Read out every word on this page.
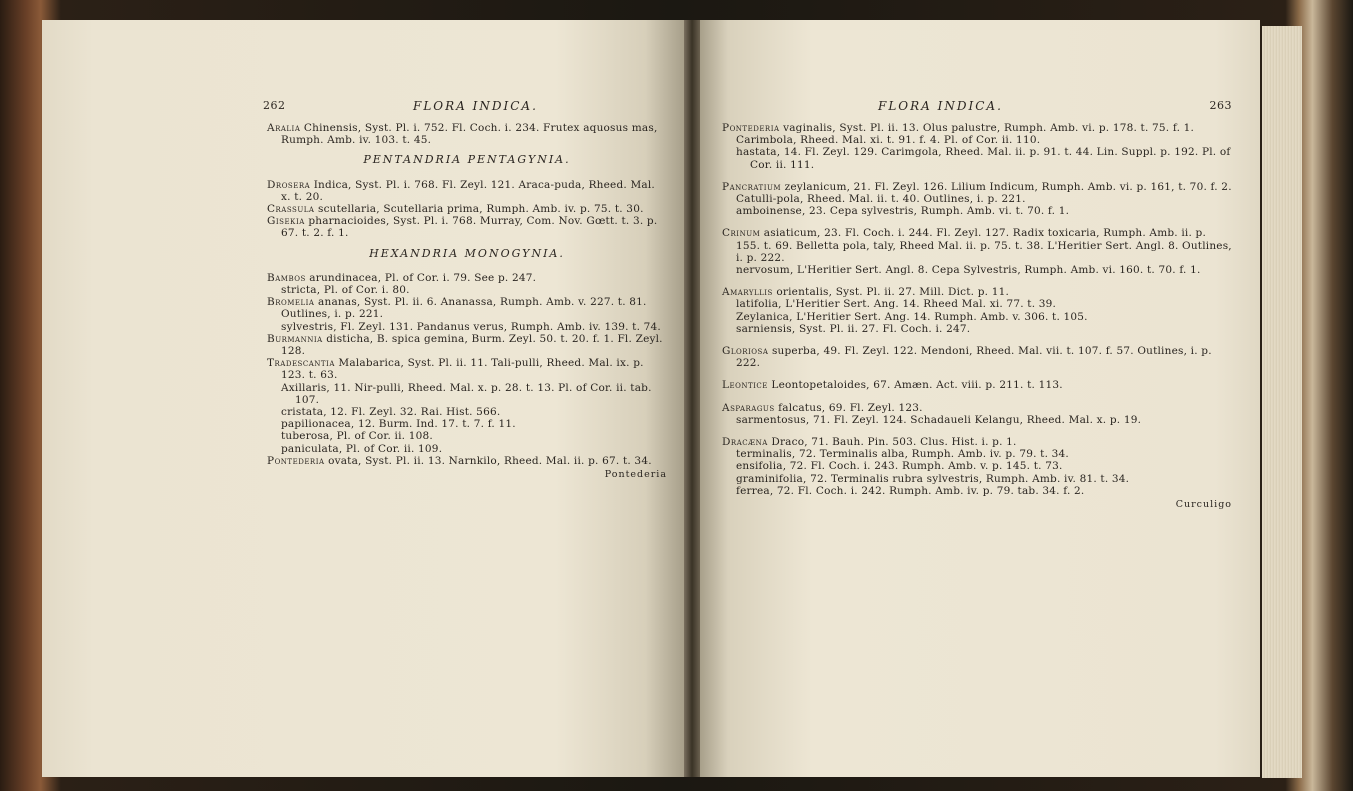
262	FLORA INDICA.

Aralia Chinensis, Syst. Pl. i. 752. Fl. Coch. i. 234. Frutex aquosus mas, Rumph. Amb. iv. 103. t. 45.

PENTANDRIA PENTAGYNIA.

Drosera Indica, Syst. Pl. i. 768. Fl. Zeyl. 121. Araca-puda, Rheed. Mal. x. t. 20.

Crassula scutellaria, Scutellaria prima, Rumph. Amb. iv. p. 75. t. 30.

Giseкia pharnacioides, Syst. Pl. i. 768. Murray, Com. Nov. Gœtt. t. 3. p. 67. t. 2. f. 1.

HEXANDRIA MONOGYNIA.

Bambos arundinacea, Pl. of Cor. i. 79. See p. 247.

stricta, Pl. of Cor. i. 80.

Bromelia ananas, Syst. Pl. ii. 6. Ananassa, Rumph. Amb. v. 227. t. 81. Outlines, i. p. 221.

sylvestris, Fl. Zeyl. 131. Pandanus verus, Rumph. Amb. iv. 139. t. 74.

Burmannia disticha, B. spica gemina, Burm. Zeyl. 50. t. 20. f. 1. Fl. Zeyl. 128.

Tradescantia Malabarica, Syst. Pl. ii. 11. Tali-pulli, Rheed. Mal. ix. p. 123. t. 63.

Axillaris, 11. Nir-pulli, Rheed. Mal. x. p. 28. t. 13. Pl. of Cor. ii. tab. 107.

cristata, 12. Fl. Zeyl. 32. Rai. Hist. 566.

papilionacea, 12. Burm. Ind. 17. t. 7. f. 11.

tuberosa, Pl. of Cor. ii. 108.

paniculata, Pl. of Cor. ii. 109.

Pontederia ovata, Syst. Pl. ii. 13. Narnkilo, Rheed. Mal. ii. p. 67. t. 34.

Pontederia
FLORA INDICA.	263

Pontederia vaginalis, Syst. Pl. ii. 13. Olus palustre, Rumph. Amb. vi. p. 178. t. 75. f. 1. Carimbola, Rheed. Mal. xi. t. 91. f. 4. Pl. of Cor. ii. 110.

hastata, 14. Fl. Zeyl. 129. Carimgola, Rheed. Mal. ii. p. 91. t. 44. Lin. Suppl. p. 192. Pl. of Cor. ii. 111.

Pancratium zeylanicum, 21. Fl. Zeyl. 126. Lilium Indicum, Rumph. Amb. vi. p. 161, t. 70. f. 2. Catulli-pola, Rheed. Mal. ii. t. 40. Outlines, i. p. 221.

amboinense, 23. Cepa sylvestris, Rumph. Amb. vi. t. 70. f. 1.

Crinum asiaticum, 23. Fl. Coch. i. 244. Fl. Zeyl. 127. Radix toxicaria, Rumph. Amb. ii. p. 155. t. 69. Belletta pola, taly, Rheed Mal. ii. p. 75. t. 38. L'Heritier Sert. Angl. 8. Outlines, i. p. 222.

nervosum, L'Heritier Sert. Angl. 8. Cepa Sylvestris, Rumph. Amb. vi. 160. t. 70. f. 1.

Amaryllis orientalis, Syst. Pl. ii. 27. Mill. Dict. p. 11.

latifolia, L'Heritier Sert. Ang. 14. Rheed Mal. xi. 77. t. 39.

Zeylanica, L'Heritier Sert. Ang. 14. Rumph. Amb. v. 306. t. 105.

sarniensis, Syst. Pl. ii. 27. Fl. Coch. i. 247.

Gloriosa superba, 49. Fl. Zeyl. 122. Mendoni, Rheed. Mal. vii. t. 107. f. 57. Outlines, i. p. 222.

Leontice Leontopetaloides, 67. Amæn. Act. viii. p. 211. t. 113.

Asparagus falcatus, 69. Fl. Zeyl. 123.

sarmentosus, 71. Fl. Zeyl. 124. Schadaueli Kelangu, Rheed. Mal. x. p. 19.

Dracæna Draco, 71. Bauh. Pin. 503. Clus. Hist. i. p. 1.

terminalis, 72. Terminalis alba, Rumph. Amb. iv. p. 79. t. 34.

ensifolia, 72. Fl. Coch. i. 243. Rumph. Amb. v. p. 145. t. 73.

graminifolia, 72. Terminalis rubra sylvestris, Rumph. Amb. iv. 81. t. 34.

ferrea, 72. Fl. Coch. i. 242. Rumph. Amb. iv. p. 79. tab. 34. f. 2.

Curculigo
